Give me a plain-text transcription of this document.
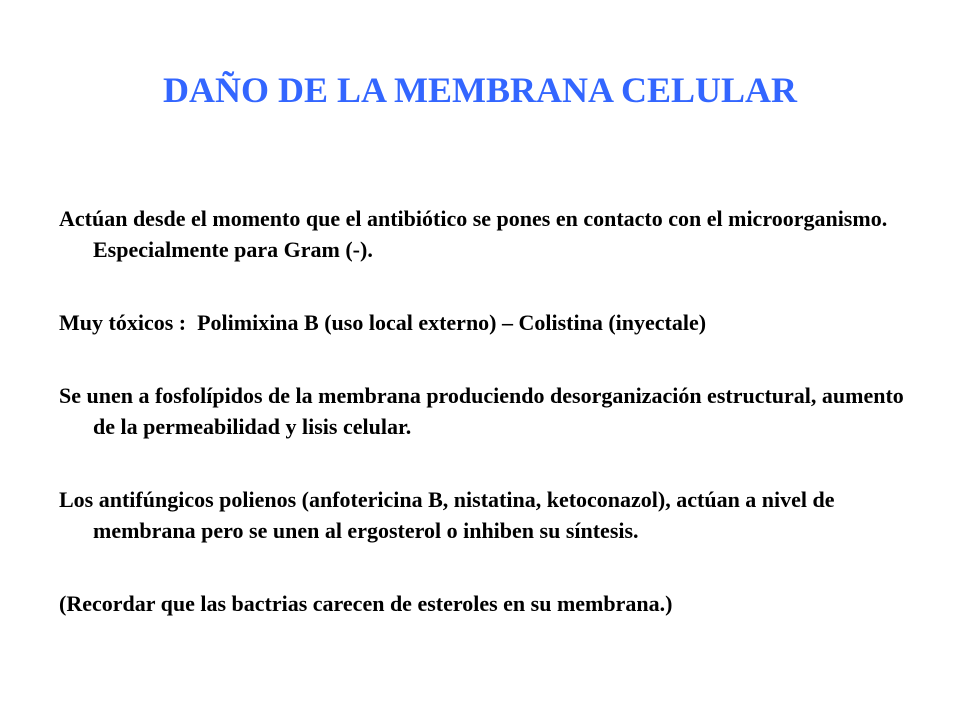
DAÑO DE LA MEMBRANA CELULAR

Actúan desde el momento que el antibiótico se pones en contacto con el microorganismo. Especialmente para Gram (-).

Muy tóxicos :  Polimixina B (uso local externo) – Colistina (inyectale)

Se unen a fosfolípidos de la membrana produciendo desorganización estructural, aumento de la permeabilidad y lisis celular.

Los antifúngicos polienos (anfotericina B, nistatina, ketoconazol), actúan a nivel de membrana pero se unen al ergosterol o inhiben su síntesis.

(Recordar que las bactrias carecen de esteroles en su membrana.)
